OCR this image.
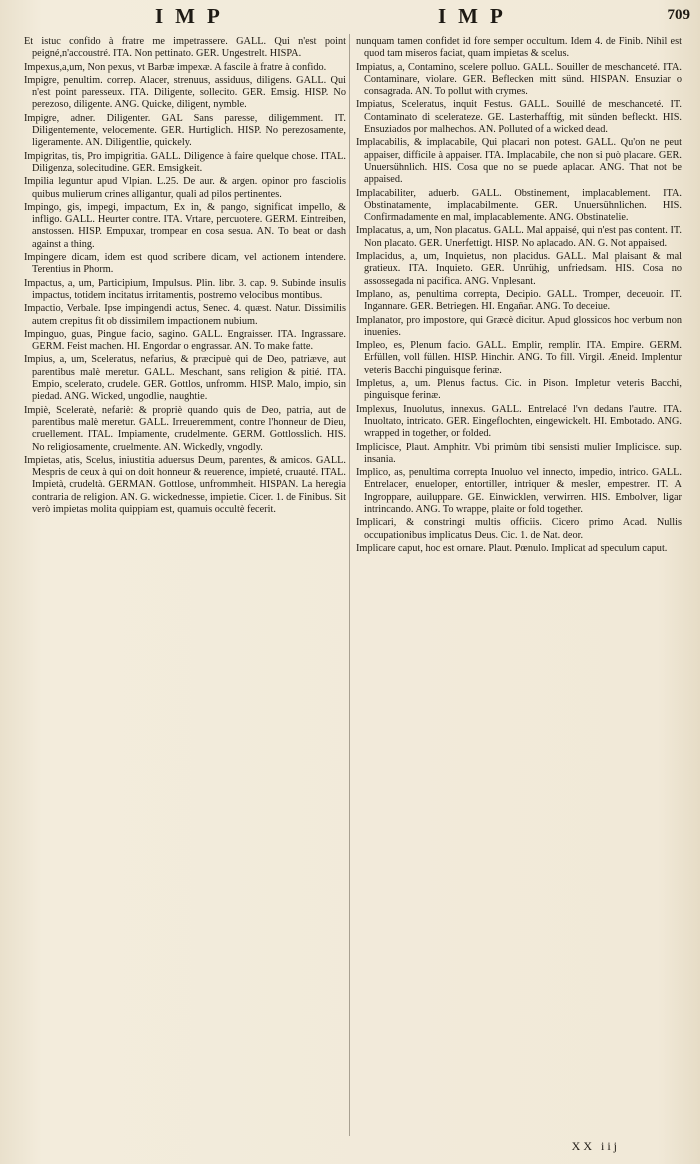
IMP	IMP	709

Et istuc confido à fratre me impetrassere. GALL. Qui n'est point peigné,n'accoustré. ITA. Non pettinato. GER. Ungestrelt. HISPA.

Impexus,a,um, Non pexus, vt Barbæ impexæ. A fascile à fratre à confido.

Impigre, penultim. correp. Alacer, strenuus, assiduus, diligens. GALL. Qui n'est point paresseux. ITA. Diligente, sollecito. GER. Emsig. HISP. No perezoso, diligente. ANG. Quicke, diligent, nymble.

Impigre, adner. Diligenter. GAL Sans paresse, diligemment. IT. Diligentemente, velocemente. GER. Hurtiglich. HISP. No perezosamente, ligeramente. AN. Diligentlie, quickely.

Impigritas, tis, Pro impigritia. GALL. Diligence à faire quelque chose. ITAL. Diligenza, solecitudine. GER. Emsigkeit.

Impilia leguntur apud Vlpian. L.25. De aur. & argen. opinor pro fasciolis quibus mulierum crines alligantur, quali ad pilos pertinentes.

Impingo, gis, impegi, impactum, Ex in, & pango, significat impello, & infligo. GALL. Heurter contre. ITA. Vrtare, percuotere. GERM. Eintreiben, anstossen. HISP. Empuxar, trompear en cosa sesua. AN. To beat or dash against a thing.

Impingere dicam, idem est quod scribere dicam, vel actionem intendere. Terentius in Phorm.

Impactus, a, um, Participium, Impulsus. Plin. libr. 3. cap. 9. Subinde insulis impactus, totidem incitatus irritamentis, postremo velocibus montibus.

Impactio, Verbale. Ipse impingendi actus, Senec. 4. quæst. Natur. Dissimilis autem crepitus fit ob dissimilem impactionem nubium.

Impinguo, guas, Pingue facio, sagino. GALL. Engraisser. ITA. Ingrassare. GERM. Feist machen. HI. Engordar o engrassar. AN. To make fatte.

Impius, a, um, Sceleratus, nefarius, & præcipuè qui de Deo, patriæve, aut parentibus malè meretur. GALL. Meschant, sans religion & pitié. ITA. Empio, scelerato, crudele. GER. Gottlos, unfromm. HISP. Malo, impio, sin piedad. ANG. Wicked, ungodlie, naughtie.

Impiè, Sceleratè, nefariè: & propriè quando quis de Deo, patria, aut de parentibus malè meretur. GALL. Irreueremment, contre l'honneur de Dieu, cruellement. ITAL. Impiamente, crudelmente. GERM. Gottlosslich. HIS. No religiosamente, cruelmente. AN. Wickedly, vngodly.

Impietas, atis, Scelus, iniustitia aduersus Deum, parentes, & amicos. GALL. Mespris de ceux à qui on doit honneur & reuerence, impieté, cruauté. ITAL. Impietà, crudeltà. GERMAN. Gottlose, unfrommheit. HISPAN. La heregia contraria de religion. AN. G. wickednesse, impietie. Cicer. 1. de Finibus. Sit verò impietas molita quippiam est, quamuis occultè fecerit.

nunquam tamen confidet id fore semper occultum. Idem 4. de Finib. Nihil est quod tam miseros faciat, quam impietas & scelus.

Impiatus, a, Contamino, scelere polluo. GALL. Souiller de meschanceté. ITA. Contaminare, violare. GER. Beflecken mitt sünd. HISPAN. Ensuziar o consagrada. AN. To pollut with crymes.

Impiatus, Sceleratus, inquit Festus. GALL. Souillé de meschanceté. IT. Contaminato di scelerateze. GE. Lasterhafftig, mit sünden befleckt. HIS. Ensuziados por malhechos. AN. Polluted of a wicked dead.

Implacabilis, & implacabile, Qui placari non potest. GALL. Qu'on ne peut appaiser, difficile à appaiser. ITA. Implacabile, che non si può placare. GER. Unuersühnlich. HIS. Cosa que no se puede aplacar. ANG. That not be appaised.

Implacabiliter, aduerb. GALL. Obstinement, implacablement. ITA. Obstinatamente, implacabilmente. GER. Unuersühnlichen. HIS. Confirmadamente en mal, implacablemente. ANG. Obstinatelie.

Implacatus, a, um, Non placatus. GALL. Mal appaisé, qui n'est pas content. IT. Non placato. GER. Unerfettigt. HISP. No aplacado. AN. G. Not appaised.

Implacidus, a, um, Inquietus, non placidus. GALL. Mal plaisant & mal gratieux. ITA. Inquieto. GER. Unrühig, unfriedsam. HIS. Cosa no assossegada ni pacifica. ANG. Vnplesant.

Implano, as, penultima correpta, Decipio. GALL. Tromper, deceuoir. IT. Ingannare. GER. Betriegen. HI. Engañar. ANG. To deceiue.

Implanator, pro impostore, qui Græcè dicitur. Apud glossicos hoc verbum non inuenies.

Impleo, es, Plenum facio. GALL. Emplir, remplir. ITA. Empire. GERM. Erfüllen, voll füllen. HISP. Hinchir. ANG. To fill. Virgil. Æneid. Implentur veteris Bacchi pinguisque ferinæ.

Impletus, a, um. Plenus factus. Cic. in Pison. Impletur veteris Bacchi, pinguisque ferinæ.

Implexus, Inuolutus, innexus. GALL. Entrelacé l'vn dedans l'autre. ITA. Inuoltato, intricato. GER. Eingeflochten, eingewickelt. HI. Embotado. ANG. wrapped in together, or folded.

Implicisce, Plaut. Amphitr. Vbi primùm tibi sensisti mulier Implicisce. sup. insania.

Implico, as, penultima correpta Inuoluo vel innecto, impedio, intrico. GALL. Entrelacer, enueloper, entortiller, intriquer & mesler, empestrer. IT. A Ingroppare, auiluppare. GE. Einwicklen, verwirren. HIS. Embolver, ligar intrincando. ANG. To wrappe, plaite or fold together.

Implicari, & constringi multis officiis. Cicero primo Acad. Nullis occupationibus implicatus Deus. Cic. 1. de Nat. deor.

Implicare caput, hoc est ornare. Plaut. Pœnulo. Implicat ad speculum caput.

XX iij
